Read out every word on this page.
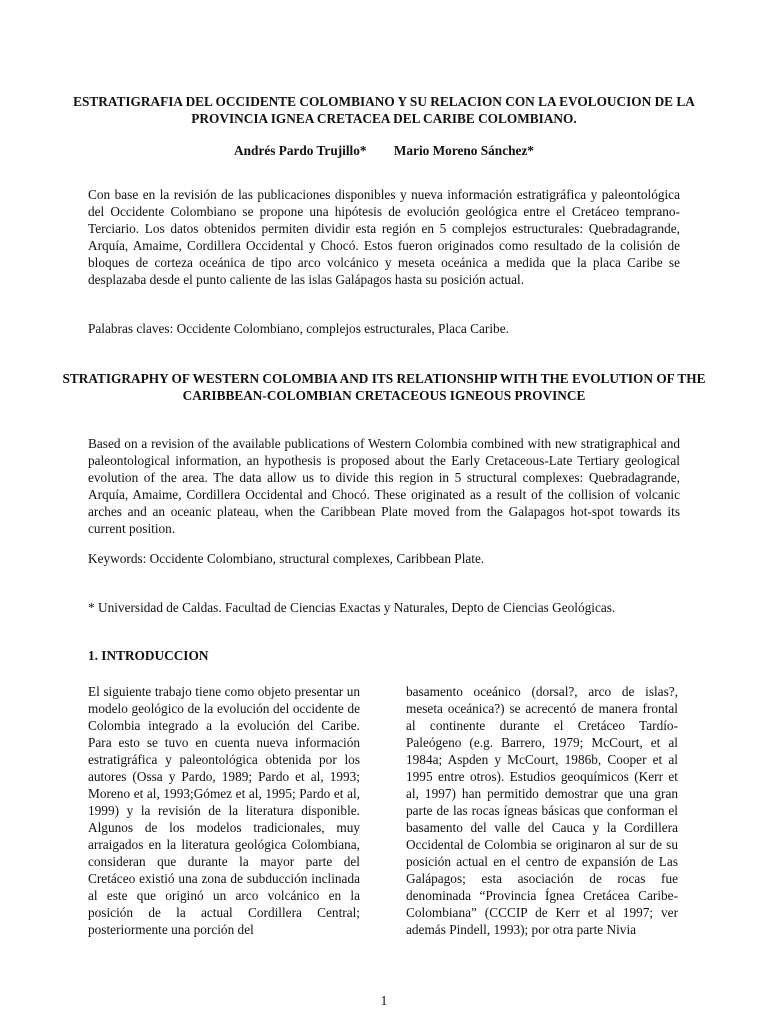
ESTRATIGRAFIA DEL OCCIDENTE COLOMBIANO Y SU RELACION CON LA EVOLOUCION DE LA PROVINCIA IGNEA CRETACEA DEL CARIBE COLOMBIANO.
Andrés Pardo Trujillo* Mario Moreno Sánchez*
Con base en la revisión de las publicaciones disponibles y nueva información estratigráfica y paleontológica del Occidente Colombiano se propone una hipótesis de evolución geológica entre el Cretáceo temprano-Terciario. Los datos obtenidos permiten dividir esta región en 5 complejos estructurales: Quebradagrande, Arquía, Amaime, Cordillera Occidental y Chocó. Estos fueron originados como resultado de la colisión de bloques de corteza oceánica de tipo arco volcánico y meseta oceánica a medida que la placa Caribe se desplazaba desde el punto caliente de las islas Galápagos hasta su posición actual.
Palabras claves: Occidente Colombiano, complejos estructurales, Placa Caribe.
STRATIGRAPHY OF WESTERN COLOMBIA AND ITS RELATIONSHIP WITH THE EVOLUTION OF THE CARIBBEAN-COLOMBIAN CRETACEOUS IGNEOUS PROVINCE
Based on a revision of the available publications of Western Colombia combined with new stratigraphical and paleontological information, an hypothesis is proposed about the Early Cretaceous-Late Tertiary geological evolution of the area. The data allow us to divide this region in 5 structural complexes: Quebradagrande, Arquía, Amaime, Cordillera Occidental and Chocó. These originated as a result of the collision of volcanic arches and an oceanic plateau, when the Caribbean Plate moved from the Galapagos hot-spot towards its current position.
Keywords: Occidente Colombiano, structural complexes, Caribbean Plate.
* Universidad de Caldas. Facultad de Ciencias Exactas y Naturales, Depto de Ciencias Geológicas.
1. INTRODUCCION
El siguiente trabajo tiene como objeto presentar un modelo geológico de la evolución del occidente de Colombia integrado a la evolución del Caribe. Para esto se tuvo en cuenta nueva información estratigráfica y paleontológica obtenida por los autores (Ossa y Pardo, 1989; Pardo et al, 1993; Moreno et al, 1993;Gómez et al, 1995; Pardo et al, 1999) y la revisión de la literatura disponible. Algunos de los modelos tradicionales, muy arraigados en la literatura geológica Colombiana, consideran que durante la mayor parte del Cretáceo existió una zona de subducción inclinada al este que originó un arco volcánico en la posición de la actual Cordillera Central; posteriormente una porción del
basamento oceánico (dorsal?, arco de islas?, meseta oceánica?) se acrecentó de manera frontal al continente durante el Cretáceo Tardío-Paleógeno (e.g. Barrero, 1979; McCourt, et al 1984a; Aspden y McCourt, 1986b, Cooper et al 1995 entre otros). Estudios geoquímicos (Kerr et al, 1997) han permitido demostrar que una gran parte de las rocas ígneas básicas que conforman el basamento del valle del Cauca y la Cordillera Occidental de Colombia se originaron al sur de su posición actual en el centro de expansión de Las Galápagos; esta asociación de rocas fue denominada “Provincia Ígnea Cretácea Caribe-Colombiana” (CCCIP de Kerr et al 1997; ver además Pindell, 1993); por otra parte Nivia
1
